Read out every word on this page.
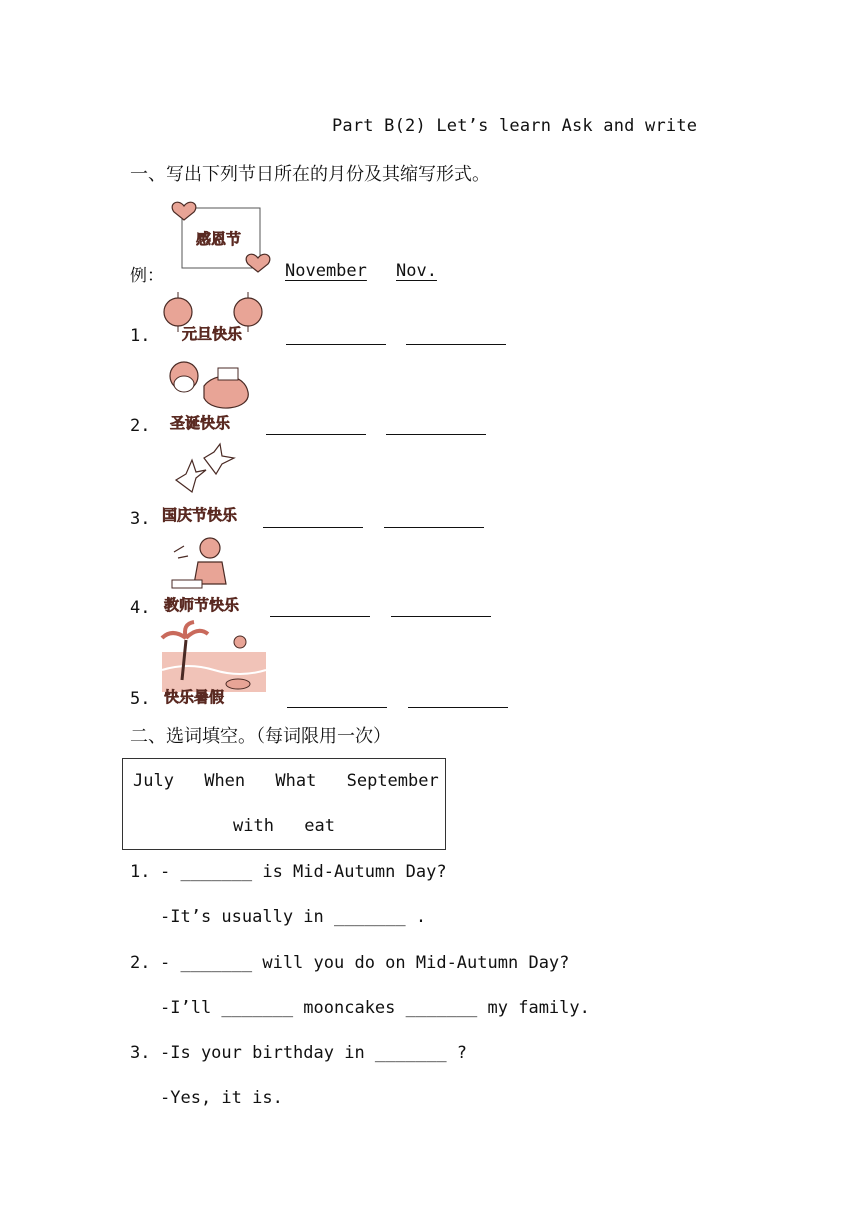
Part B(2) Let’s learn Ask and write
一、写出下列节日所在的月份及其缩写形式。
例：
感恩节
November Nov.
1. 元旦快乐
2. 圣诞快乐
3. 国庆节快乐
4. 教师节快乐
5. 快乐暑假
二、选词填空。（每词限用一次）
July When What September
with eat
1. - _______ is Mid-Autumn Day?
-It’s usually in _______ .
2. - _______ will you do on Mid-Autumn Day?
-I’ll _______ mooncakes _______ my family.
3. -Is your birthday in _______ ?
-Yes, it is.
